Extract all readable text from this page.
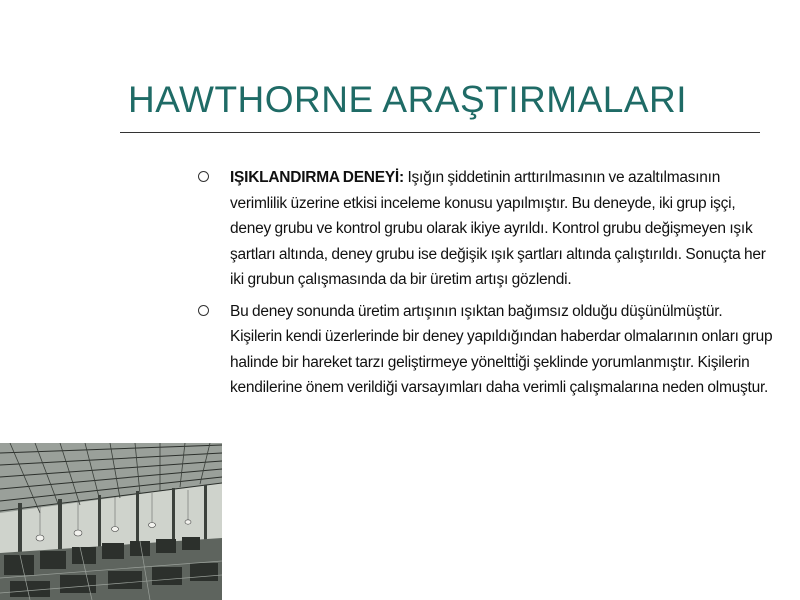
HAWTHORNE ARAŞTIRMALARI
IŞIKLANDIRMA DENEYİ: Işığın şiddetinin arttırılmasının ve azaltılmasının verimlilik üzerine etkisi inceleme konusu yapılmıştır. Bu deneyde, iki grup işçi, deney grubu ve kontrol grubu olarak ikiye ayrıldı. Kontrol grubu değişmeyen ışık şartları altında, deney grubu ise değişik ışık şartları altında çalıştırıldı. Sonuçta her iki grubun çalışmasında da bir üretim artışı gözlendi.
Bu deney sonunda üretim artışının ışıktan bağımsız olduğu düşünülmüştür. Kişilerin kendi üzerlerinde bir deney yapıldığından haberdar olmalarının onları grup halinde bir hareket tarzı geliştirmeye yöneltti̇ği şeklinde yorumlanmıştır. Kişilerin kendilerine önem verildiği varsayımları daha verimli çalışmalarına neden olmuştur.
